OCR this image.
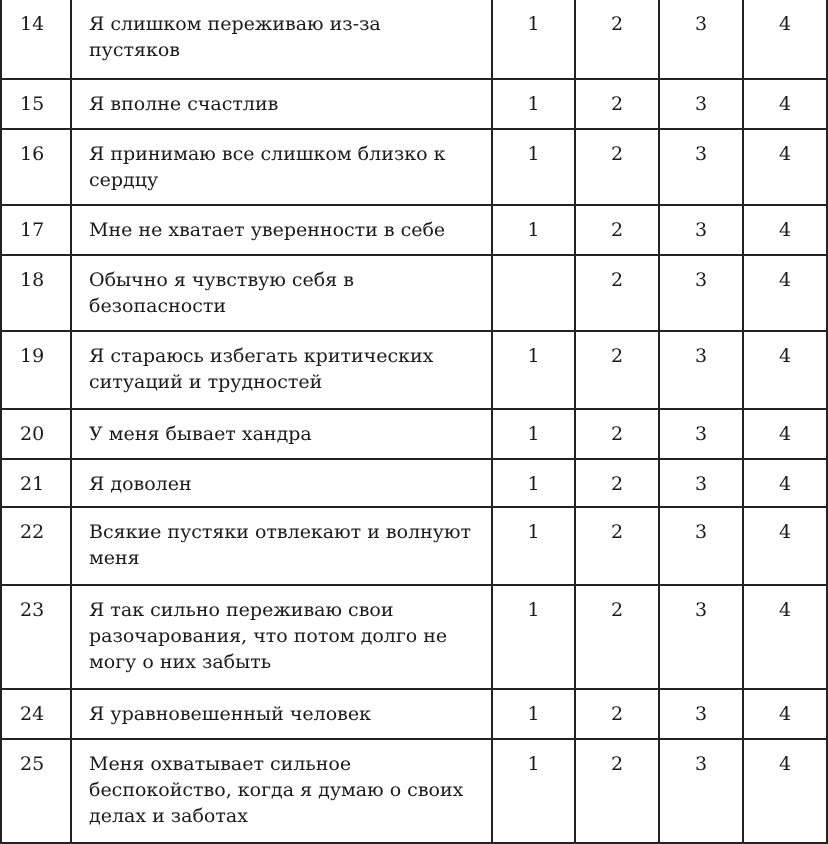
14	Я слишком переживаю из-за пустяков	1	2	3	4
15	Я вполне счастлив	1	2	3	4
16	Я принимаю все слишком близко к сердцу	1	2	3	4
17	Мне не хватает уверенности в себе	1	2	3	4
18	Обычно я чувствую себя в безопасности		2	3	4
19	Я стараюсь избегать критических ситуаций и трудностей	1	2	3	4
20	У меня бывает хандра	1	2	3	4
21	Я доволен	1	2	3	4
22	Всякие пустяки отвлекают и волнуют меня	1	2	3	4
23	Я так сильно переживаю свои разочарования, что потом долго не могу о них забыть	1	2	3	4
24	Я уравновешенный человек	1	2	3	4
25	Меня охватывает сильное беспокойство, когда я думаю о своих делах и заботах	1	2	3	4
